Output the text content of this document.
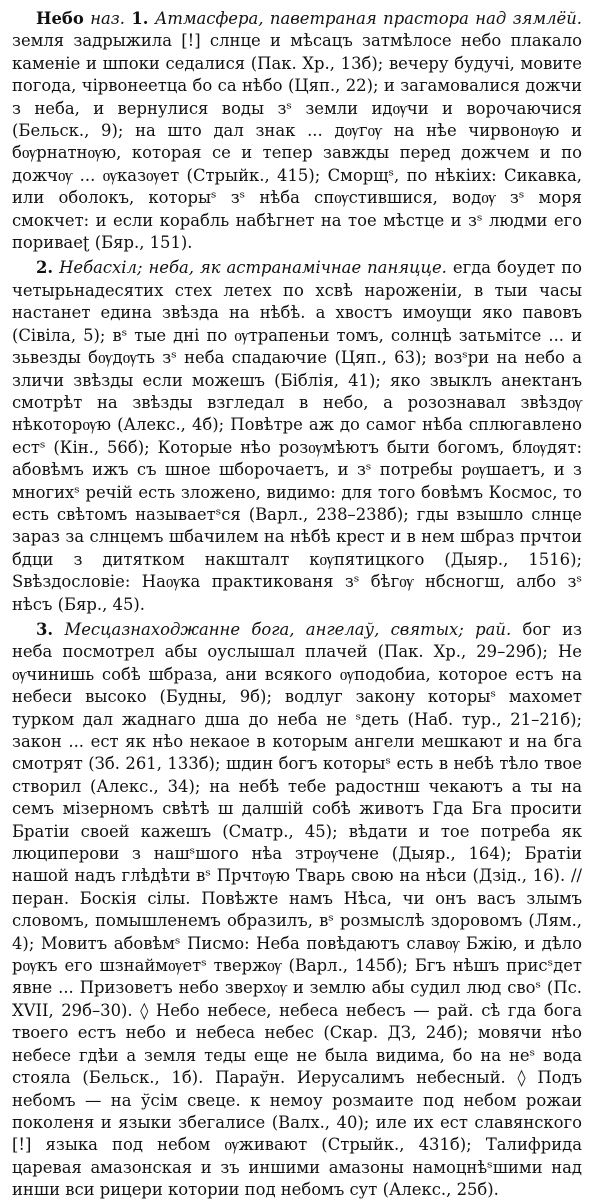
Небо наз. 1. Атмасфера, паветраная прастора над зямлёй. земля задрыжила [!] слнце и мѣсацъ затмѣлосе небо плакало каменіе и шпоки седалися (Пак. Хр., 13б); вечеру будучі, мовите погода, чірвонеетца бо са нѣбо (Цяп., 22); и загамовалися дожчи з неба, и вернулися воды зˢ земли идѹчи и ворочаючися (Бельск., 9); на што дал знак ... дѹгѹ на нѣе чирвонѹю и бѹрнатнѹю, которая се и тепер завжды перед дожчем и по дожчѹ ... ѹказѹет (Стрыйк., 415); Сморщˢ, по нѣкіих: Сикавка, или оболокъ, которыˢ зˢ нѣба спѹстившися, водѹ зˢ моря смокчет: и если корабль набѣгнет на тое мѣстце и зˢ людми его пориваеʈ (Бяр., 151).

2. Небасхіл; неба, як астранамічнае паняцце. егда боудет по четырьнадесятих стех летех по хсвѣ нароженіи, в тыи часы настанет едина звѣзда на нѣбѣ. а хвостъ имоущи яко павовъ (Сівіла, 5); вˢ тые дні по ѹтрапеньи томъ, солнцѣ затьмітсе ... и зьвезды бѹдѹть зˢ неба спадаючие (Цяп., 63); возˢри на небо а зличи звѣзды если можешъ (Біблія, 41); яко звыклъ анектанъ смотрѣт на звѣзды взгледал в небо, а розознавал звѣздѹ нѣкоторѹю (Алекс., 4б); Повѣтре аж до самог нѣба сплюгавлено естˢ (Кін., 56б); Которые нѣо розѹмѣютъ быти богомъ, блѹдят: абовѣмъ ижъ съ шное шборочаетъ, и зˢ потребы рѹшаетъ, и з многихˢ речій есть зложено, видимо: для того бовѣмъ Космос, то есть свѣтомъ называетˢся (Варл., 238–238б); гды взышло слнце зараз за слнцемъ шбачилем на нѣбѣ крест и в нем шбраз прчтои бдци з дитятком накшталт кѹпятицкого (Дыяр., 1516); Sвѣздословіе: Наѹка практикованя зˢ бѣгѹ нбсногш, албо зˢ нѣсъ (Бяр., 45).

3. Месцазнаходжанне бога, ангелаў, святых; рай. бог из неба посмотрел абы оуслышал плачей (Пак. Хр., 29–29б); Не ѹчинишь собѣ шбраза, ани всякого ѹподобиа, которое естъ на небеси высоко (Будны, 9б); водлуг закону которыˢ махомет турком дал жаднаго дша до неба не ˢдеть (Наб. тур., 21–21б); закон ... ест як нѣо некаое в которым ангели мешкают и на бга смотрят (Зб. 261, 133б); шдин богъ которыˢ есть в небѣ тѣло твое створил (Алекс., 34); на небѣ тебе радостнш чекаютъ а ты на семъ мізерномъ свѣтѣ ш далшій собѣ животъ Гда Бга просити Братіи своей кажешъ (Сматр., 45); вѣдати и тое потреба як люциперови з нашˢшого нѣа зтрѹчене (Дыяр., 164); Братіи нашой надъ глѣдѣти вˢ Прчтѹю Тварь свою на нѣси (Дзід., 16). // перан. Боскія сілы. Повѣжте намъ Нѣса, чи онъ васъ злымъ словомъ, помышленемъ образилъ, вˢ розмыслѣ здоровомъ (Лям., 4); Мовитъ абовѣмˢ Писмо: Неба повѣдаютъ славѹ Бжію, и дѣло рѹкъ его шзнаймѹетˢ твержѹ (Варл., 145б); Бгъ нѣшъ присˢдет явне ... Призоветъ небо зверхѹ и землю абы судил люд своˢ (Пс. XVII, 29б–30). ◊ Небо небесе, небеса небесъ — рай. сѣ гда бога твоего естъ небо и небеса небес (Скар. ДЗ, 24б); мовячи нѣо небесе гдѣи а земля теды еще не была видима, бо на неˢ вода стояла (Бельск., 1б). Параўн. Иерусалимъ небесный. ◊ Подъ небомъ — на ўсім свеце. к немоу розмаите под небом рожаи поколеня и языки збегалисе (Валх., 40); иле их ест славянского [!] языка под небом ѹживают (Стрыйк., 431б); Талифрида царевая амазонская и зъ иншими амазоны намоцнѣˢшими над инши вси рицери котории под небомъ сут (Алекс., 25б).
